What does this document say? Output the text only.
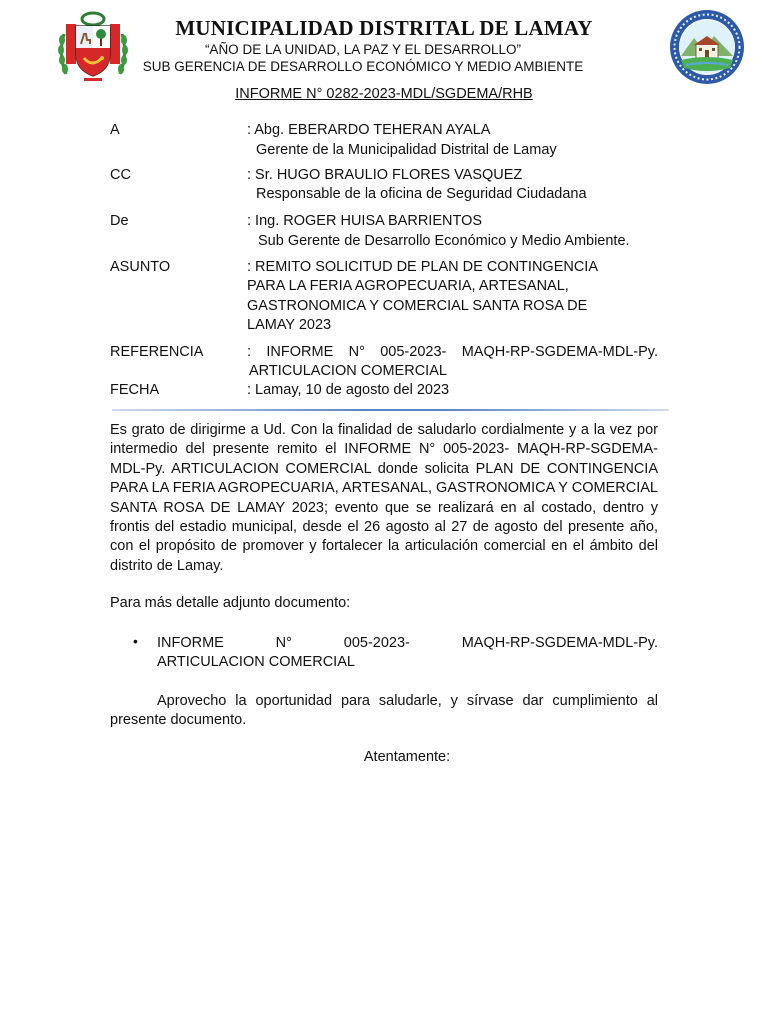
MUNICIPALIDAD DISTRITAL DE LAMAY
“AÑO DE LA UNIDAD, LA PAZ Y EL DESARROLLO”
SUB GERENCIA DE DESARROLLO ECONÓMICO Y MEDIO AMBIENTE
INFORME N° 0282-2023-MDL/SGDEMA/RHB
A	: Abg. EBERARDO TEHERAN AYALA
Gerente de la Municipalidad Distrital de Lamay
CC	: Sr. HUGO BRAULIO FLORES VASQUEZ
Responsable de la oficina de Seguridad Ciudadana
De	: Ing. ROGER HUISA BARRIENTOS
Sub Gerente de Desarrollo Económico y Medio Ambiente.
ASUNTO	: REMITO SOLICITUD DE PLAN DE CONTINGENCIA
PARA LA FERIA AGROPECUARIA, ARTESANAL,
GASTRONOMICA Y COMERCIAL SANTA ROSA DE
LAMAY 2023
REFERENCIA	: INFORME N° 005-2023- MAQH-RP-SGDEMA-MDL-Py.
ARTICULACION COMERCIAL
FECHA	: Lamay, 10 de agosto del 2023
Es grato de dirigirme a Ud. Con la finalidad de saludarlo cordialmente y a la vez por intermedio del presente remito el INFORME N° 005-2023- MAQH-RP-SGDEMA-MDL-Py. ARTICULACION COMERCIAL donde solicita PLAN DE CONTINGENCIA PARA LA FERIA AGROPECUARIA, ARTESANAL, GASTRONOMICA Y COMERCIAL SANTA ROSA DE LAMAY 2023; evento que se realizará en al costado, dentro y frontis del estadio municipal, desde el 26 agosto al 27 de agosto del presente año, con el propósito de promover y fortalecer la articulación comercial en el ámbito del distrito de Lamay.
Para más detalle adjunto documento:
• INFORME N° 005-2023- MAQH-RP-SGDEMA-MDL-Py.
ARTICULACION COMERCIAL
Aprovecho la oportunidad para saludarle, y sírvase dar cumplimiento al presente documento.
Atentamente:
